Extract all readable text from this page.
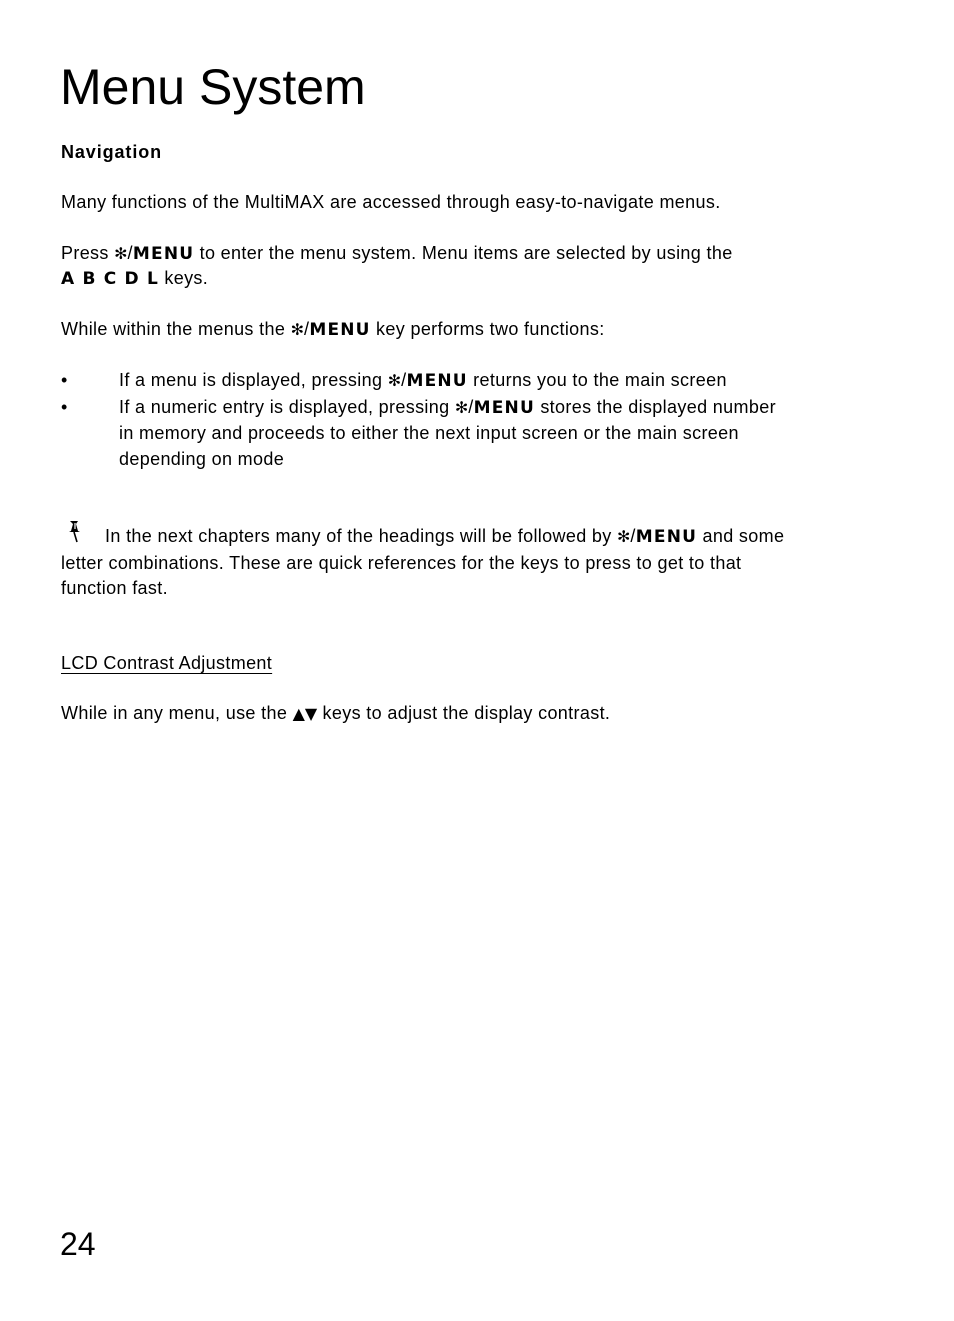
Menu System

Navigation

Many functions of the MultiMAX are accessed through easy-to-navigate menus.

Press ✻/MENU to enter the menu system. Menu items are selected by using the

A B C D L keys.

While within the menus the ✻/MENU key performs two functions:

•	If a menu is displayed, pressing ✻/MENU returns you to the main screen
•	If a numeric entry is displayed, pressing ✻/MENU stores the displayed number
in memory and proceeds to either the next input screen or the main screen
depending on mode

In the next chapters many of the headings will be followed by ✻/MENU and some

letter combinations. These are quick references for the keys to press to get to that

function fast.

LCD Contrast Adjustment

While in any menu, use the ▲▼ keys to adjust the display contrast.

24
